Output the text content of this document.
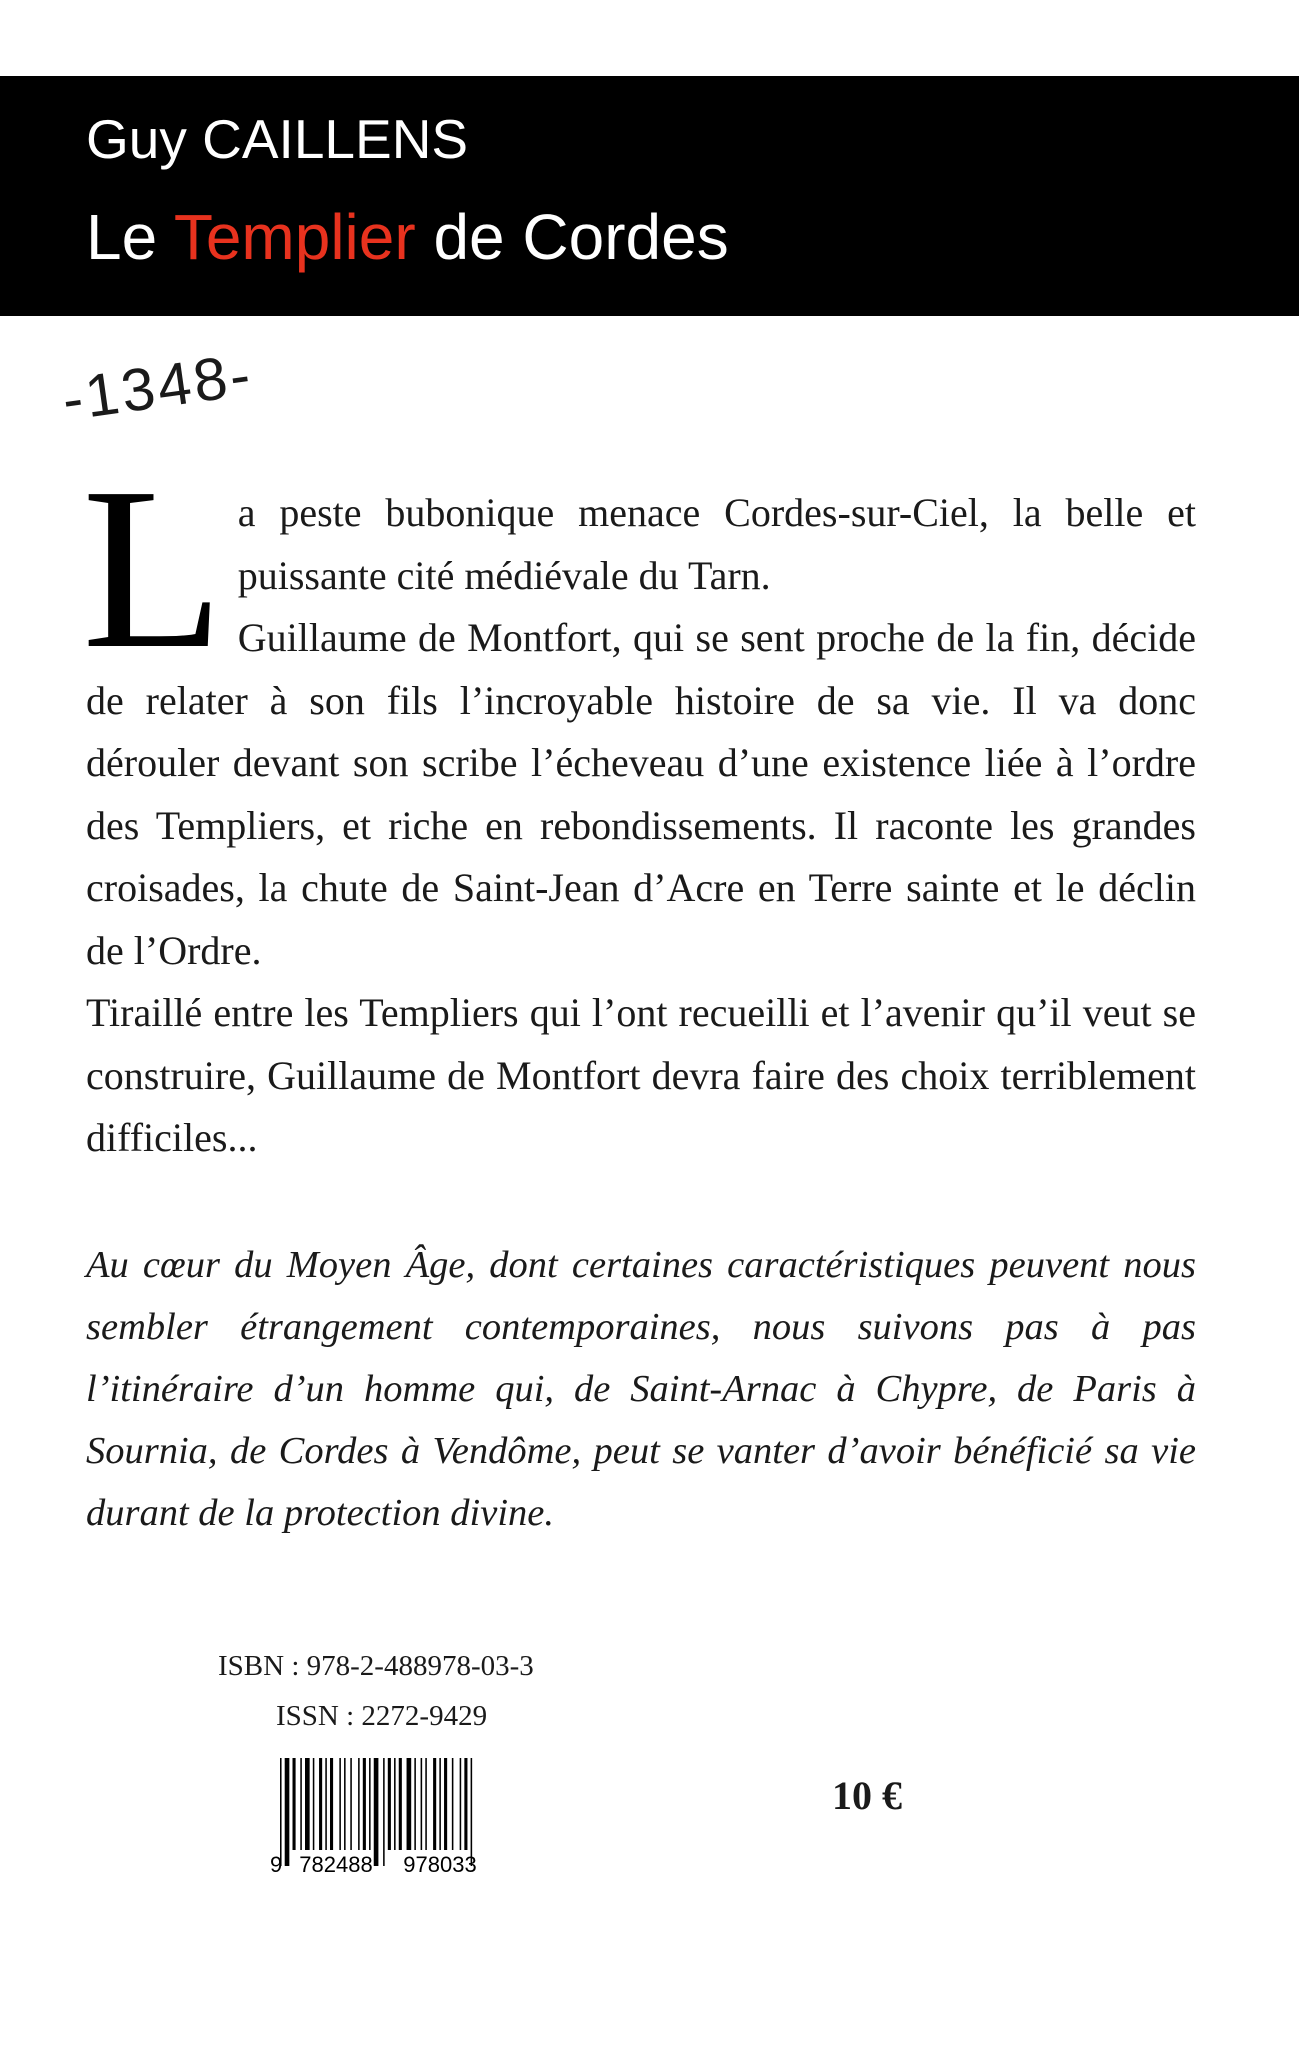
Guy CAILLENS
Le Templier de Cordes
-1348-

La peste bubonique menace Cordes-sur-Ciel, la belle et puissante cité médiévale du Tarn.

Guillaume de Montfort, qui se sent proche de la fin, décide de relater à son fils l’incroyable histoire de sa vie. Il va donc dérouler devant son scribe l’écheveau d’une existence liée à l’ordre des Templiers, et riche en rebondissements. Il raconte les grandes croisades, la chute de Saint-Jean d’Acre en Terre sainte et le déclin de l’Ordre.

Tiraillé entre les Templiers qui l’ont recueilli et l’avenir qu’il veut se construire, Guillaume de Montfort devra faire des choix terriblement difficiles...

Au cœur du Moyen Âge, dont certaines caractéristiques peuvent nous sembler étrangement contemporaines, nous suivons pas à pas l’itinéraire d’un homme qui, de Saint-Arnac à Chypre, de Paris à Sournia, de Cordes à Vendôme, peut se vanter d’avoir bénéficié sa vie durant de la protection divine.
ISBN : 978-2-488978-03-3
ISSN : 2272-9429
9 782488 978033
10 €
